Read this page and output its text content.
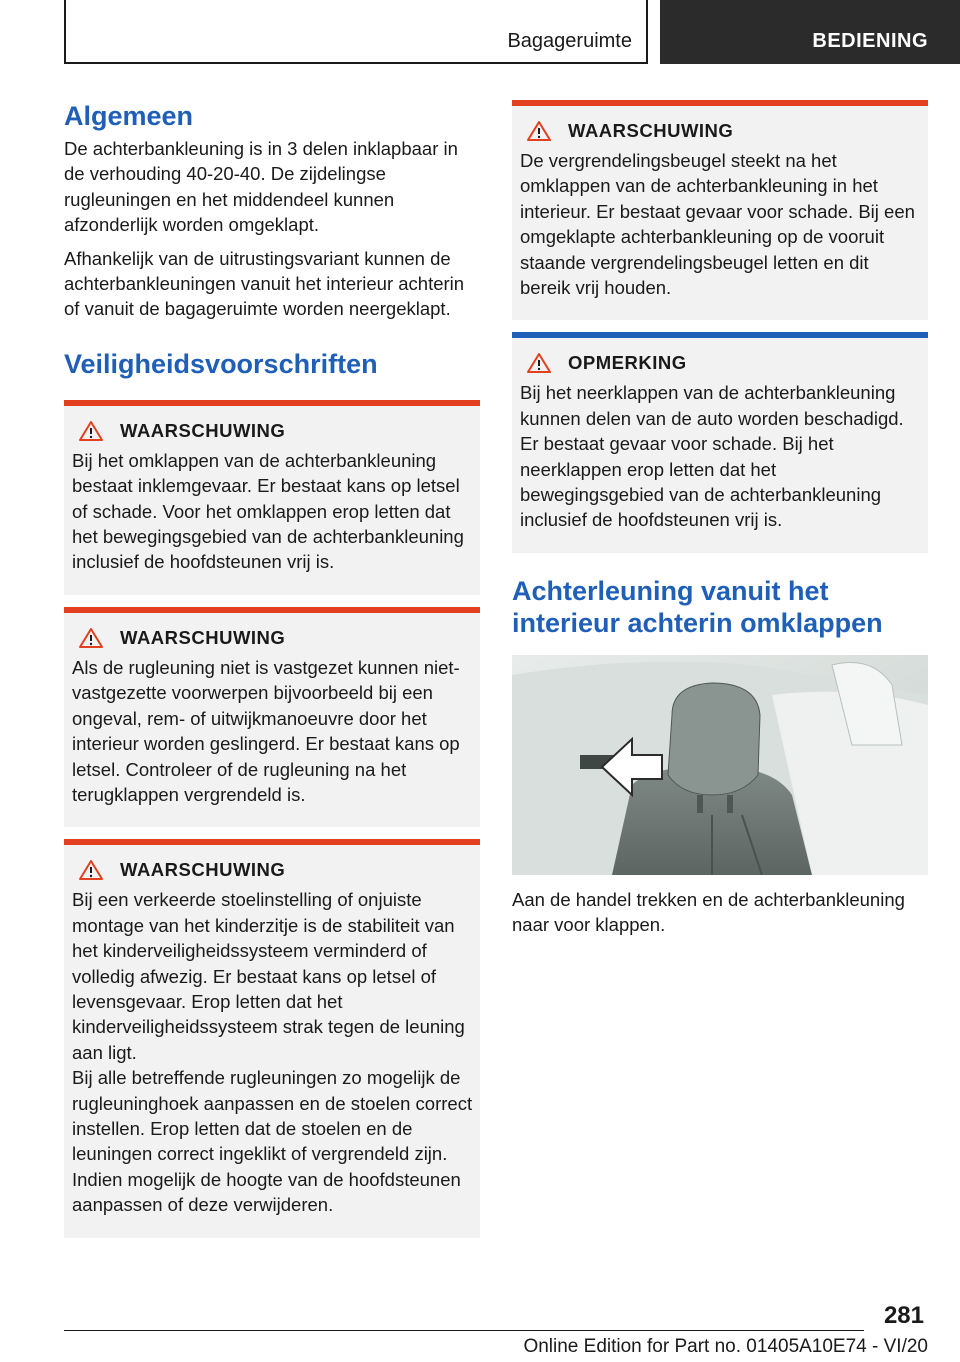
Bagageruimte	BEDIENING
Algemeen

De achterbankleuning is in 3 delen inklapbaar in de verhouding 40-20-40. De zijdelingse rugleuningen en het middendeel kunnen afzonderlijk worden omgeklapt.

Afhankelijk van de uitrustingsvariant kunnen de achterbankleuningen vanuit het interieur achterin of vanuit de bagageruimte worden neergeklapt.

Veiligheidsvoorschriften
WAARSCHUWING

Bij het omklappen van de achterbankleuning bestaat inklemgevaar. Er bestaat kans op letsel of schade. Voor het omklappen erop letten dat het bewegingsgebied van de achterbankleuning inclusief de hoofdsteunen vrij is.

WAARSCHUWING

Als de rugleuning niet is vastgezet kunnen niet-vastgezette voorwerpen bijvoorbeeld bij een ongeval, rem- of uitwijkmanoeuvre door het interieur worden geslingerd. Er bestaat kans op letsel. Controleer of de rugleuning na het terugklappen vergrendeld is.

WAARSCHUWING

Bij een verkeerde stoelinstelling of onjuiste montage van het kinderzitje is de stabiliteit van het kinderveiligheidssysteem verminderd of volledig afwezig. Er bestaat kans op letsel of levensgevaar. Erop letten dat het kinderveiligheidssysteem strak tegen de leuning aan ligt.

Bij alle betreffende rugleuningen zo mogelijk de rugleuninghoek aanpassen en de stoelen correct instellen. Erop letten dat de stoelen en de leuningen correct ingeklikt of vergrendeld zijn. Indien mogelijk de hoogte van de hoofdsteunen aanpassen of deze verwijderen.

WAARSCHUWING

De vergrendelingsbeugel steekt na het omklappen van de achterbankleuning in het interieur. Er bestaat gevaar voor schade. Bij een omgeklapte achterbankleuning op de vooruit staande vergrendelingsbeugel letten en dit bereik vrij houden.

OPMERKING

Bij het neerklappen van de achterbankleuning kunnen delen van de auto worden beschadigd. Er bestaat gevaar voor schade. Bij het neerklappen erop letten dat het bewegingsgebied van de achterbankleuning inclusief de hoofdsteunen vrij is.

Achterleuning vanuit het interieur achterin omklappen

Aan de handel trekken en de achterbankleuning naar voor klappen.

281
Online Edition for Part no. 01405A10E74 - VI/20
